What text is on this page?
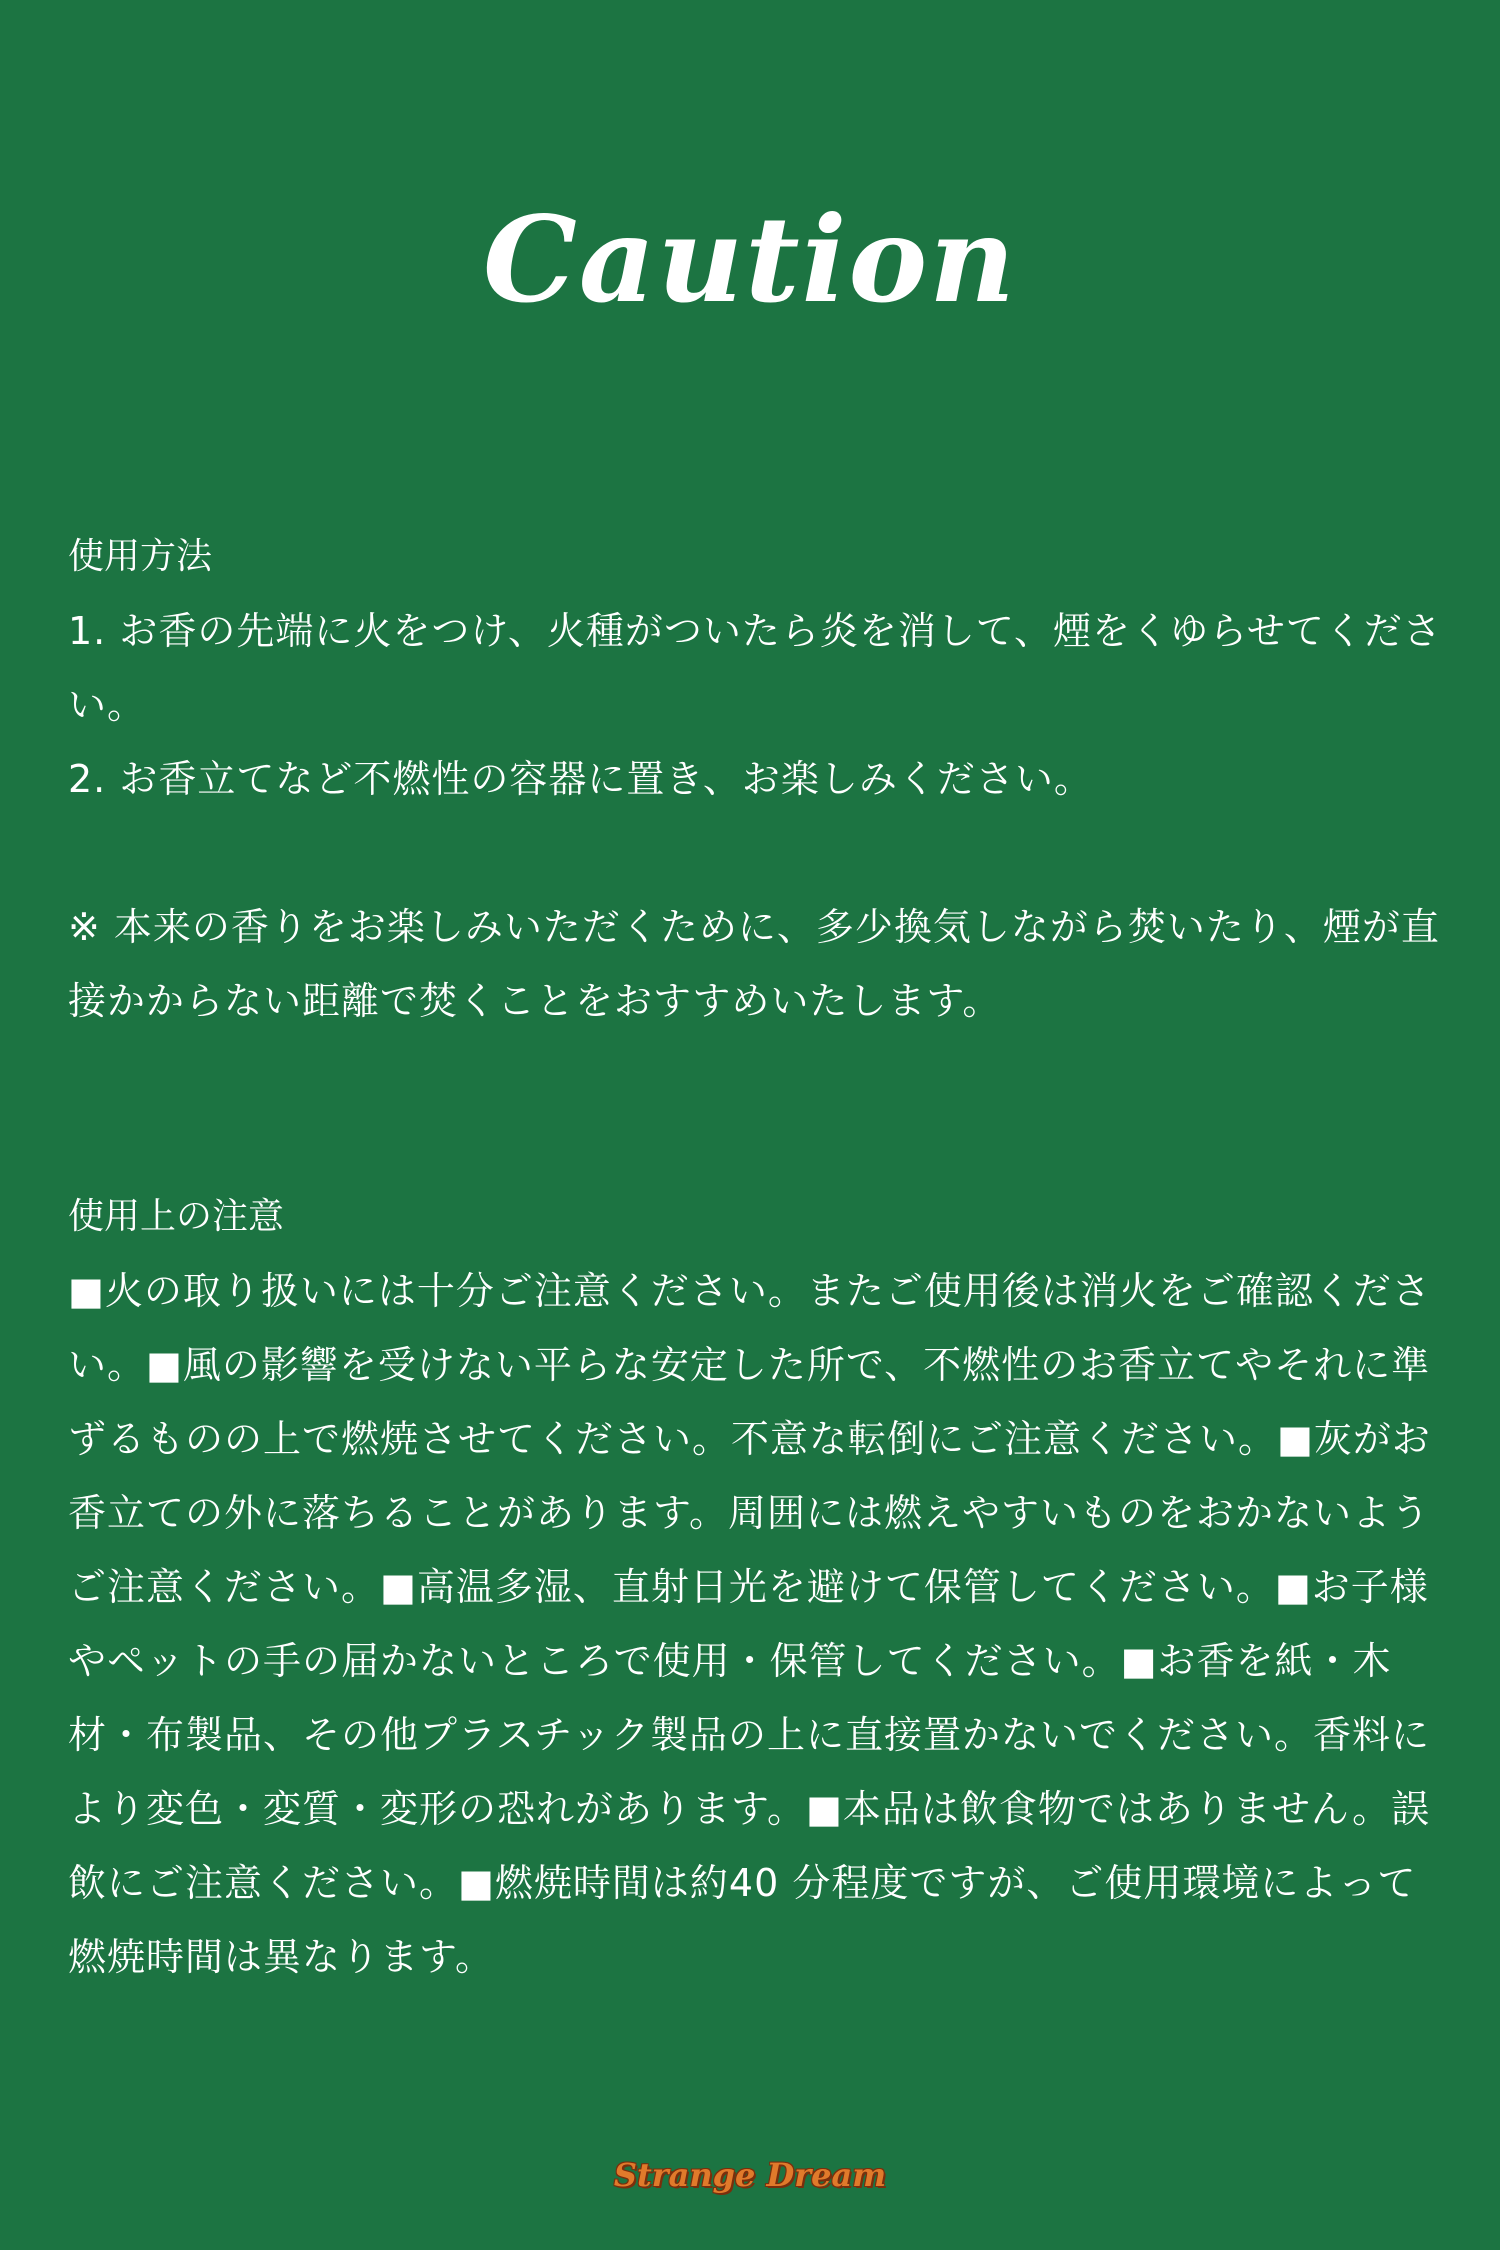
Caution
使用方法
1. お香の先端に火をつけ、火種がついたら炎を消して、煙をくゆらせてください。
2. お香立てなど不燃性の容器に置き、お楽しみください。
※ 本来の香りをお楽しみいただくために、多少換気しながら焚いたり、煙が直接かからない距離で焚くことをおすすめいたします。
使用上の注意
■火の取り扱いには十分ご注意ください。またご使用後は消火をご確認ください。■風の影響を受けない平らな安定した所で、不燃性のお香立てやそれに準ずるものの上で燃焼させてください。不意な転倒にご注意ください。■灰がお香立ての外に落ちることがあります。周囲には燃えやすいものをおかないようご注意ください。■高温多湿、直射日光を避けて保管してください。■お子様やペットの手の届かないところで使用・保管してください。■お香を紙・木材・布製品、その他プラスチック製品の上に直接置かないでください。香料により変色・変質・変形の恐れがあります。■本品は飲食物ではありません。誤飲にご注意ください。■燃焼時間は約40 分程度ですが、ご使用環境によって燃焼時間は異なります。
Strange Dream
